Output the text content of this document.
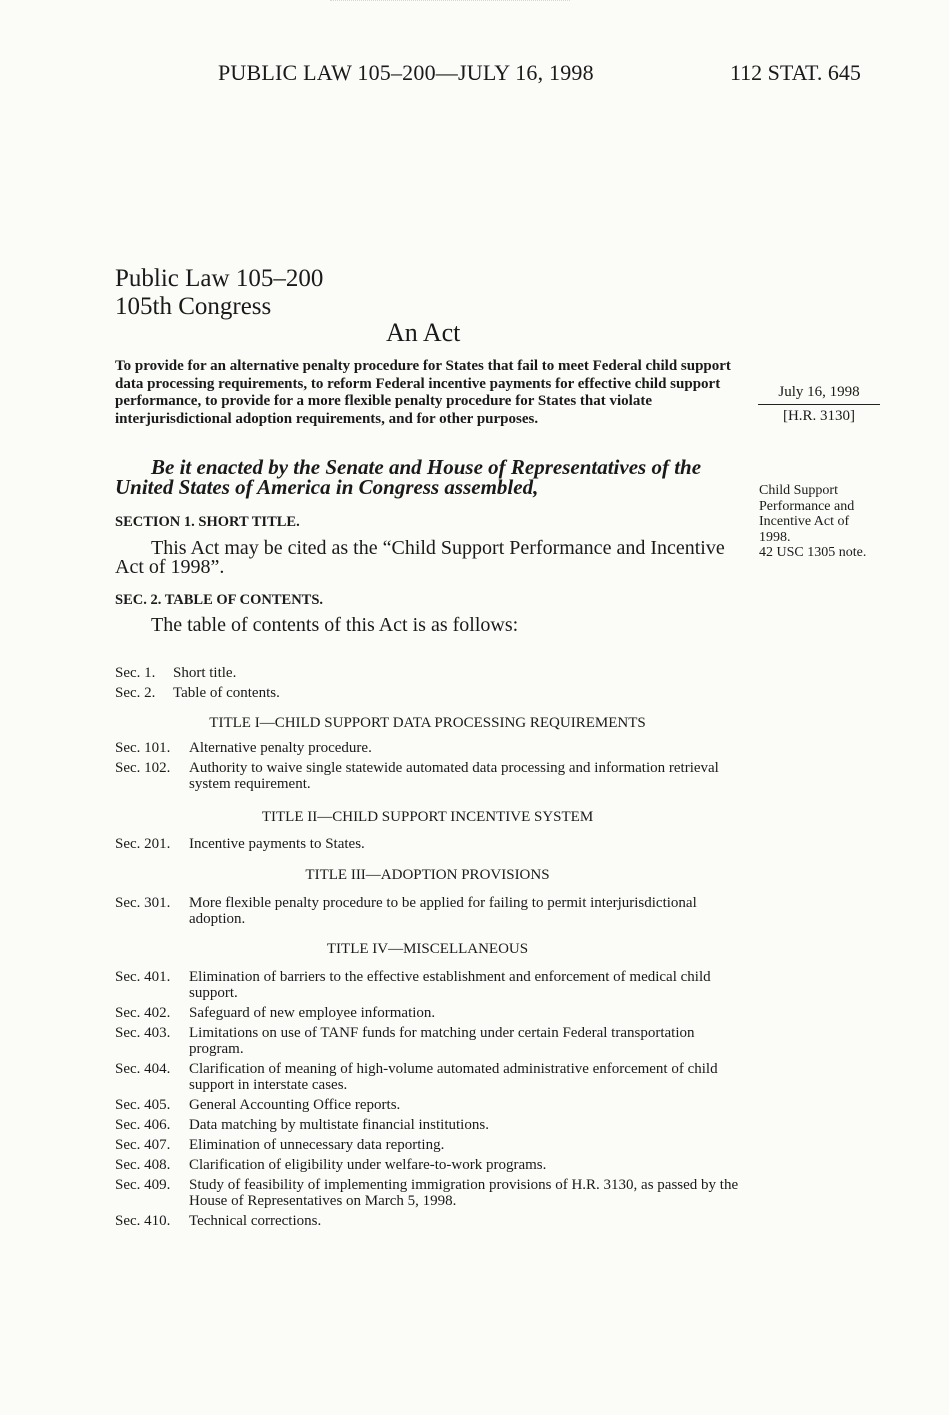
PUBLIC LAW 105–200—JULY 16, 1998	112 STAT. 645
Public Law 105–200
105th Congress
An Act
To provide for an alternative penalty procedure for States that fail to meet Federal child support data processing requirements, to reform Federal incentive payments for effective child support performance, to provide for a more flexible penalty procedure for States that violate interjurisdictional adoption requirements, and for other purposes.
July 16, 1998
[H.R. 3130]
Be it enacted by the Senate and House of Representatives of the United States of America in Congress assembled,	Child Support Performance and Incentive Act of 1998.
42 USC 1305 note.
SECTION 1. SHORT TITLE.
This Act may be cited as the “Child Support Performance and Incentive Act of 1998”.
SEC. 2. TABLE OF CONTENTS.
The table of contents of this Act is as follows:
Sec. 1.	Short title.
Sec. 2.	Table of contents.
TITLE I—CHILD SUPPORT DATA PROCESSING REQUIREMENTS
Sec. 101.	Alternative penalty procedure.
Sec. 102.	Authority to waive single statewide automated data processing and information retrieval system requirement.
TITLE II—CHILD SUPPORT INCENTIVE SYSTEM
Sec. 201.	Incentive payments to States.
TITLE III—ADOPTION PROVISIONS
Sec. 301.	More flexible penalty procedure to be applied for failing to permit interjurisdictional adoption.
TITLE IV—MISCELLANEOUS
Sec. 401.	Elimination of barriers to the effective establishment and enforcement of medical child support.
Sec. 402.	Safeguard of new employee information.
Sec. 403.	Limitations on use of TANF funds for matching under certain Federal transportation program.
Sec. 404.	Clarification of meaning of high-volume automated administrative enforcement of child support in interstate cases.
Sec. 405.	General Accounting Office reports.
Sec. 406.	Data matching by multistate financial institutions.
Sec. 407.	Elimination of unnecessary data reporting.
Sec. 408.	Clarification of eligibility under welfare-to-work programs.
Sec. 409.	Study of feasibility of implementing immigration provisions of H.R. 3130, as passed by the House of Representatives on March 5, 1998.
Sec. 410.	Technical corrections.
